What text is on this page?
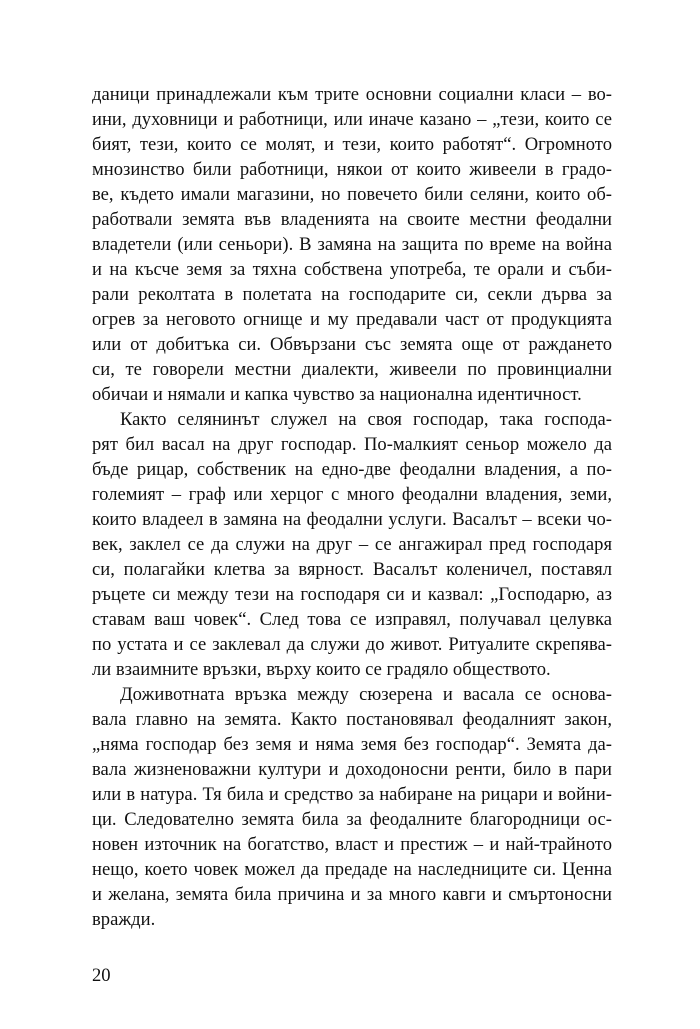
даници принадлежали към трите основни социални класи – во-
ини, духовници и работници, или иначе казано – „тези, които се
бият, тези, които се молят, и тези, които работят“. Огромното
мнозинство били работници, някои от които живеели в градо-
ве, където имали магазини, но повечето били селяни, които об-
работвали земята във владенията на своите местни феодални
владетели (или сеньори). В замяна на защита по време на война
и на късче земя за тяхна собствена употреба, те орали и съби-
рали реколтата в полетата на господарите си, секли дърва за
огрев за неговото огнище и му предавали част от продукцията
или от добитъка си. Обвързани със земята още от раждането
си, те говорели местни диалекти, живеели по провинциални
обичаи и нямали и капка чувство за национална идентичност.
Както селянинът служел на своя господар, така господа-
рят бил васал на друг господар. По-малкият сеньор можело да
бъде рицар, собственик на едно-две феодални владения, а по-
големият – граф или херцог с много феодални владения, земи,
които владеел в замяна на феодални услуги. Васалът – всеки чо-
век, заклел се да служи на друг – се ангажирал пред господаря
си, полагайки клетва за вярност. Васалът коленичел, поставял
ръцете си между тези на господаря си и казвал: „Господарю, аз
ставам ваш човек“. След това се изправял, получавал целувка
по устата и се заклевал да служи до живот. Ритуалите скрепява-
ли взаимните връзки, върху които се градяло обществото.
Доживотната връзка между сюзерена и васала се основа-
вала главно на земята. Както постановявал феодалният закон,
„няма господар без земя и няма земя без господар“. Земята да-
вала жизненоважни култури и доходоносни ренти, било в пари
или в натура. Тя била и средство за набиране на рицари и войни-
ци. Следователно земята била за феодалните благородници ос-
новен източник на богатство, власт и престиж – и най-трайното
нещо, което човек можел да предаде на наследниците си. Ценна
и желана, земята била причина и за много кавги и смъртоносни
вражди.
20
